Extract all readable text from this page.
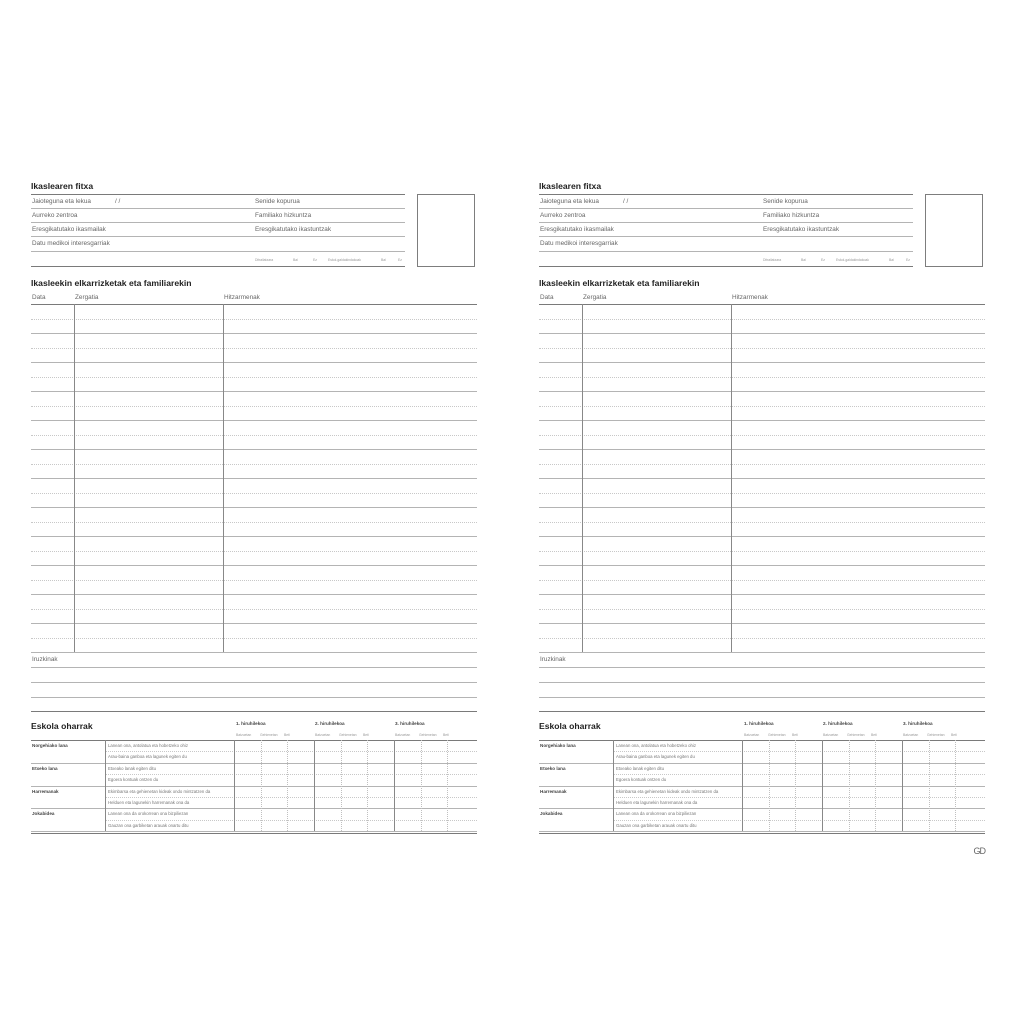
Ikaslearen fitxa
Jaioteguna eta lekua	/ /	Senide kopurua
Aurreko zentroa	Familiako hizkuntza
Eresgikatutako ikasmailak	Eresgikatutako ikastuntzak
Datu medikoi interesgarriak
Ditrailatzara	Bai	Ez	Eskol-galdakindakoak	Bai	Ez
Ikasleekin elkarrizketak eta familiarekin
Data	Zergatia	Hitzarmenak
Iruzkinak
Eskola oharrak	1. hiruhilekoa
Batzuetan	Gehienetan Beti
2. hiruhilekoa
Batzuetan	Gehienetan Beti
3. hiruhilekoa
Batzuetan	Gehienetan Beti
Norgehiako lana	Lanean ona, antolatua eta hobetzeko ohiz
Arau-baina ganboa eta lagunek egiten du
Etxeko lana	Etxeako lanak egiten ditu
Egoera kontuak ontzen du
Harremanak	Ekimbarsa eta gehienetan kideak ondo mintzatzen da
Helduen eta lagunekin harremanak ona da
Jokabidea	Lanean ona da orokorrean ona bizpiliezan
Gauzan ona garbiketan arauak onartu ditu
Ikaslearen fitxa
Jaioteguna eta lekua	/ /	Senide kopurua
Aurreko zentroa	Familiako hizkuntza
Eresgikatutako ikasmailak	Eresgikatutako ikastuntzak
Datu medikoi interesgarriak
Ditrailatzara	Bai	Ez	Eskol-galdakindakoak	Bai	Ez
Ikasleekin elkarrizketak eta familiarekin
Data	Zergatia	Hitzarmenak
Iruzkinak
Eskola oharrak	1. hiruhilekoa
Batzuetan	Gehienetan Beti
2. hiruhilekoa
Batzuetan	Gehienetan Beti
3. hiruhilekoa
Batzuetan	Gehienetan Beti
Norgehiako lana	Lanean ona, antolatua eta hobetzeko ohiz
Arau-baina ganboa eta lagunek egiten du
Etxeko lana	Etxeako lanak egiten ditu
Egoera kontuak ontzen du
Harremanak	Ekimbarsa eta gehienetan kideak ondo mintzatzen da
Helduen eta lagunekin harremanak ona da
Jokabidea	Lanean ona da orokorrean ona bizpiliezan
Gauzan ona garbiketan arauak onartu ditu
GD
